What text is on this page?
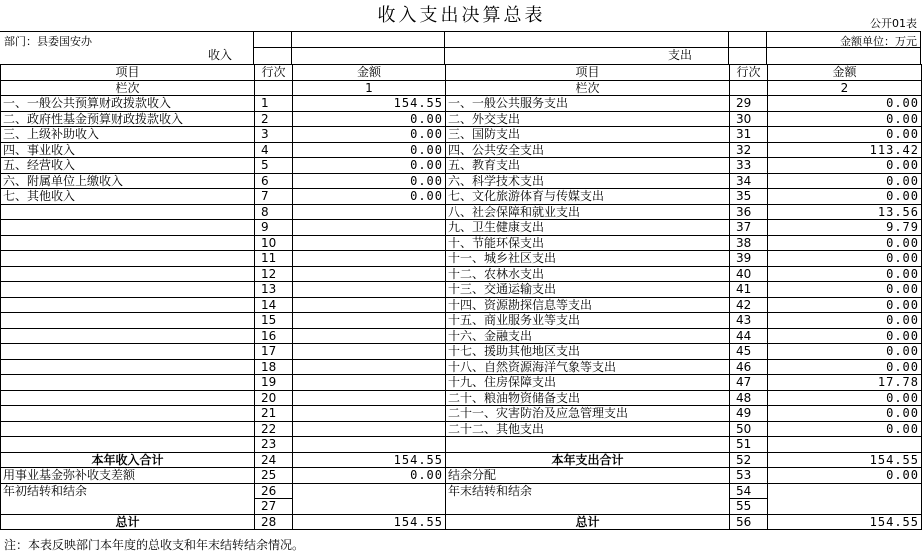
收入支出决算总表	公开01表
部门：县委国安办	金额单位：万元
收入	支出
项目	行次	金额	项目	行次	金额
栏次		1	栏次		2
一、一般公共预算财政拨款收入	1	154.55	一、一般公共服务支出	29	0.00
二、政府性基金预算财政拨款收入	2	0.00	二、外交支出	30	0.00
三、上级补助收入	3	0.00	三、国防支出	31	0.00
四、事业收入	4	0.00	四、公共安全支出	32	113.42
五、经营收入	5	0.00	五、教育支出	33	0.00
六、附属单位上缴收入	6	0.00	六、科学技术支出	34	0.00
七、其他收入	7	0.00	七、文化旅游体育与传媒支出	35	0.00
	8		八、社会保障和就业支出	36	13.56
	9		九、卫生健康支出	37	9.79
	10		十、节能环保支出	38	0.00
	11		十一、城乡社区支出	39	0.00
	12		十二、农林水支出	40	0.00
	13		十三、交通运输支出	41	0.00
	14		十四、资源勘探信息等支出	42	0.00
	15		十五、商业服务业等支出	43	0.00
	16		十六、金融支出	44	0.00
	17		十七、援助其他地区支出	45	0.00
	18		十八、自然资源海洋气象等支出	46	0.00
	19		十九、住房保障支出	47	17.78
	20		二十、粮油物资储备支出	48	0.00
	21		二十一、灾害防治及应急管理支出	49	0.00
	22		二十二、其他支出	50	0.00
	23			51	
本年收入合计	24	154.55	本年支出合计	52	154.55
用事业基金弥补收支差额	25	0.00	结余分配	53	0.00
年初结转和结余	26		年末结转和结余	54	
	27			55	
总计	28	154.55	总计	56	154.55
注：本表反映部门本年度的总收支和年末结转结余情况。
